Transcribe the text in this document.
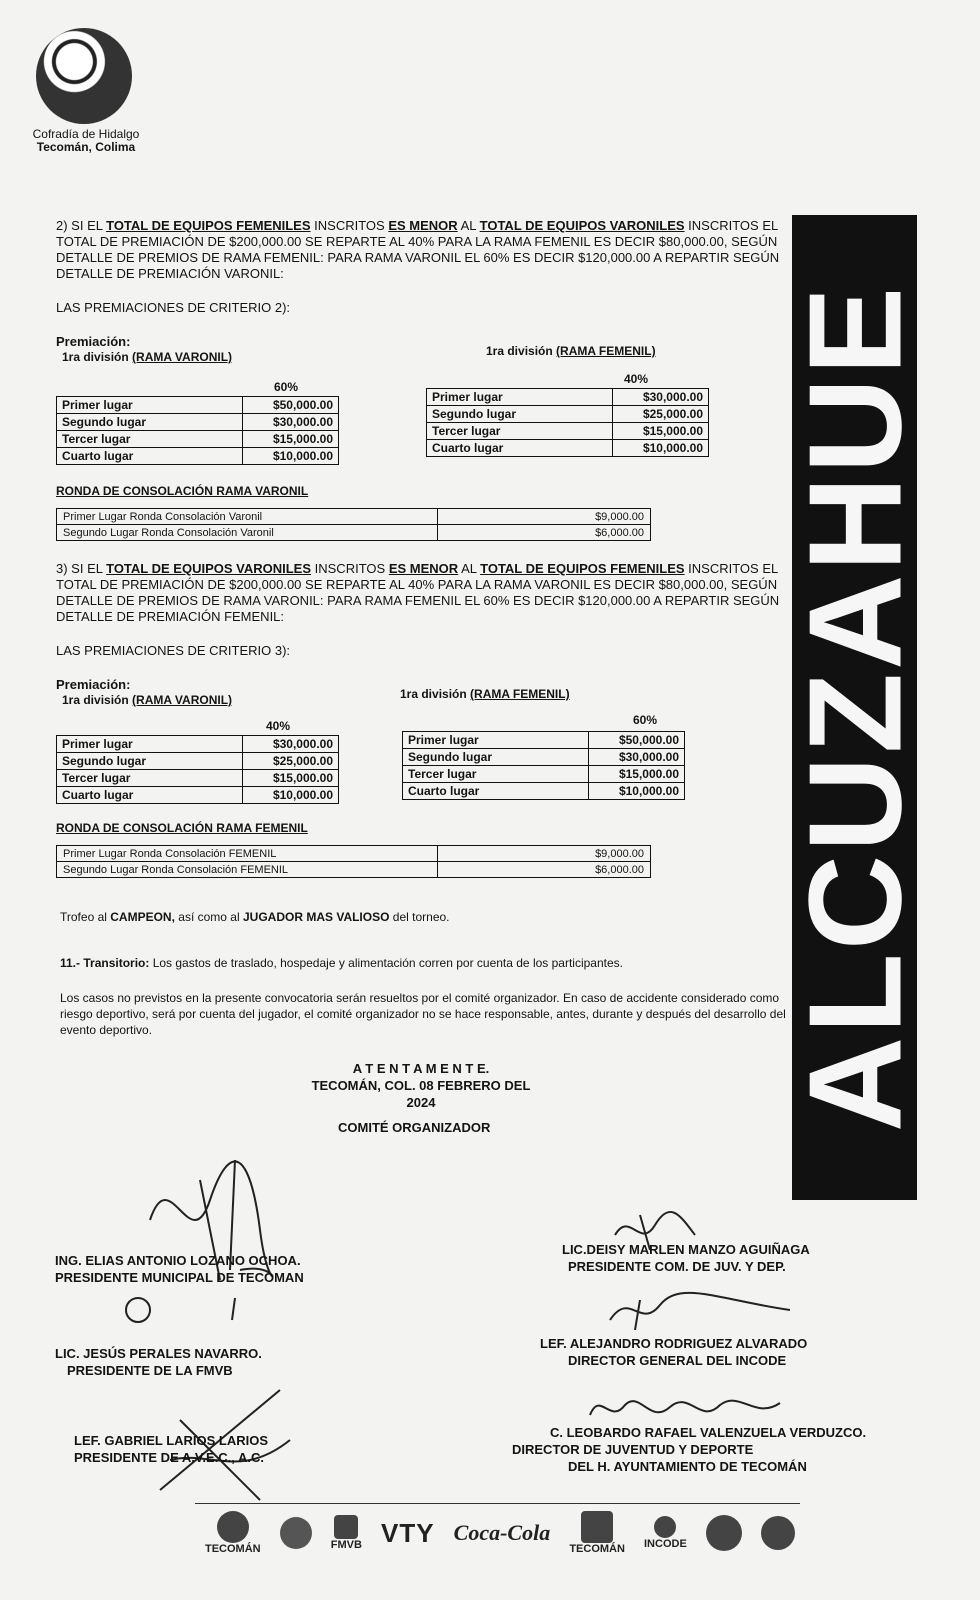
Cofradía de Hidalgo
Tecomán, Colima
ALCUZAHUE

2) SI EL TOTAL DE EQUIPOS FEMENILES INSCRITOS ES MENOR AL TOTAL DE EQUIPOS VARONILES INSCRITOS EL TOTAL DE PREMIACIÓN DE $200,000.00 SE REPARTE AL 40% PARA LA RAMA FEMENIL ES DECIR $80,000.00, SEGÚN DETALLE DE PREMIOS DE RAMA FEMENIL: PARA RAMA VARONIL EL 60% ES DECIR $120,000.00 A REPARTIR SEGÚN DETALLE DE PREMIACIÓN VARONIL:

LAS PREMIACIONES DE CRITERIO 2):
Premiación:
1ra división (RAMA VARONIL)	1ra división (RAMA FEMENIL)
60%
40%
Primer lugar	$50,000.00
Segundo lugar	$30,000.00
Tercer lugar	$15,000.00
Cuarto lugar	$10,000.00
Primer lugar	$30,000.00
Segundo lugar	$25,000.00
Tercer lugar	$15,000.00
Cuarto lugar	$10,000.00
RONDA DE CONSOLACIÓN RAMA VARONIL
Primer Lugar Ronda Consolación Varonil	$9,000.00
Segundo Lugar Ronda Consolación Varonil	$6,000.00

3) SI EL TOTAL DE EQUIPOS VARONILES INSCRITOS ES MENOR AL TOTAL DE EQUIPOS FEMENILES INSCRITOS EL TOTAL DE PREMIACIÓN DE $200,000.00 SE REPARTE AL 40% PARA LA RAMA VARONIL ES DECIR $80,000.00, SEGÚN DETALLE DE PREMIOS DE RAMA VARONIL: PARA RAMA FEMENIL EL 60% ES DECIR $120,000.00 A REPARTIR SEGÚN DETALLE DE PREMIACIÓN FEMENIL:

LAS PREMIACIONES DE CRITERIO 3):
Premiación:
1ra división (RAMA VARONIL)	1ra división (RAMA FEMENIL)
40%	60%
Primer lugar	$30,000.00
Segundo lugar	$25,000.00
Tercer lugar	$15,000.00
Cuarto lugar	$10,000.00
Primer lugar	$50,000.00
Segundo lugar	$30,000.00
Tercer lugar	$15,000.00
Cuarto lugar	$10,000.00
RONDA DE CONSOLACIÓN RAMA FEMENIL
Primer Lugar Ronda Consolación FEMENIL	$9,000.00
Segundo Lugar Ronda Consolación FEMENIL	$6,000.00
Trofeo al CAMPEON, así como al JUGADOR MAS VALIOSO del torneo.
11.- Transitorio: Los gastos de traslado, hospedaje y alimentación corren por cuenta de los participantes.
Los casos no previstos en la presente convocatoria serán resueltos por el comité organizador. En caso de accidente considerado como riesgo deportivo, será por cuenta del jugador, el comité organizador no se hace responsable, antes, durante y después del desarrollo del evento deportivo.
A T E N T A M E N T E.
TECOMÁN, COL. 08 FEBRERO DEL 2024
COMITÉ ORGANIZADOR
ING. ELIAS ANTONIO LOZANO OCHOA.
PRESIDENTE MUNICIPAL DE TECOMAN
LIC.DEISY MARLEN MANZO AGUIÑAGA
PRESIDENTE COM. DE JUV. Y DEP.
LIC. JESÚS PERALES NAVARRO.
PRESIDENTE DE LA FMVB
LEF. ALEJANDRO RODRIGUEZ ALVARADO
DIRECTOR GENERAL DEL INCODE
LEF. GABRIEL LARIOS LARIOS
PRESIDENTE DE A.V.E.C., A.C.
C. LEOBARDO RAFAEL VALENZUELA VERDUZCO.
DIRECTOR DE JUVENTUD Y DEPORTE
DEL H. AYUNTAMIENTO DE TECOMÁN
TECOMÁN	FMVB VTY Coca-Cola
TECOMÁN INCODE
